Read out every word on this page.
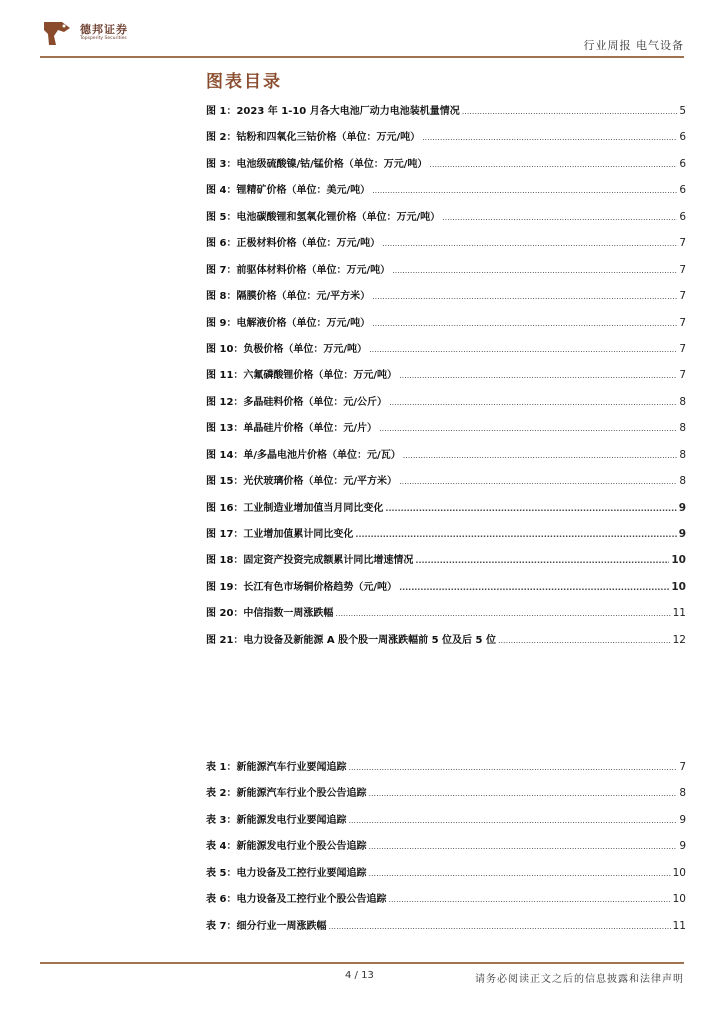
德邦证券
Topsperity Securities
行业周报 电气设备
图表目录
图 1：2023 年 1-10 月各大电池厂动力电池装机量情况 .....	5
图 2：钴粉和四氧化三钴价格（单位：万元/吨） .....	6
图 3：电池级硫酸镍/钴/锰价格（单位：万元/吨） .....	6
图 4：锂精矿价格（单位：美元/吨） .....	6
图 5：电池碳酸锂和氢氧化锂价格（单位：万元/吨） .....	6
图 6：正极材料价格（单位：万元/吨） .....	7
图 7：前驱体材料价格（单位：万元/吨） .....	7
图 8：隔膜价格（单位：元/平方米） .....	7
图 9：电解液价格（单位：万元/吨） .....	7
图 10：负极价格（单位：万元/吨） .....	7
图 11：六氟磷酸锂价格（单位：万元/吨） .....	7
图 12：多晶硅料价格（单位：元/公斤） .....	8
图 13：单晶硅片价格（单位：元/片） .....	8
图 14：单/多晶电池片价格（单位：元/瓦） .....	8
图 15：光伏玻璃价格（单位：元/平方米） .....	8
图 16：工业制造业增加值当月同比变化 .....	9
图 17：工业增加值累计同比变化 .....	9
图 18：固定资产投资完成额累计同比增速情况 .....	10
图 19：长江有色市场铜价格趋势（元/吨） .....	10
图 20：中信指数一周涨跌幅 .....	11
图 21：电力设备及新能源 A 股个股一周涨跌幅前 5 位及后 5 位 .....	12
表 1：新能源汽车行业要闻追踪 .....	7
表 2：新能源汽车行业个股公告追踪 .....	8
表 3：新能源发电行业要闻追踪 .....	9
表 4：新能源发电行业个股公告追踪 .....	9
表 5：电力设备及工控行业要闻追踪 .....	10
表 6：电力设备及工控行业个股公告追踪 .....	10
表 7：细分行业一周涨跌幅 .....	11
4 / 13	请务必阅读正文之后的信息披露和法律声明
